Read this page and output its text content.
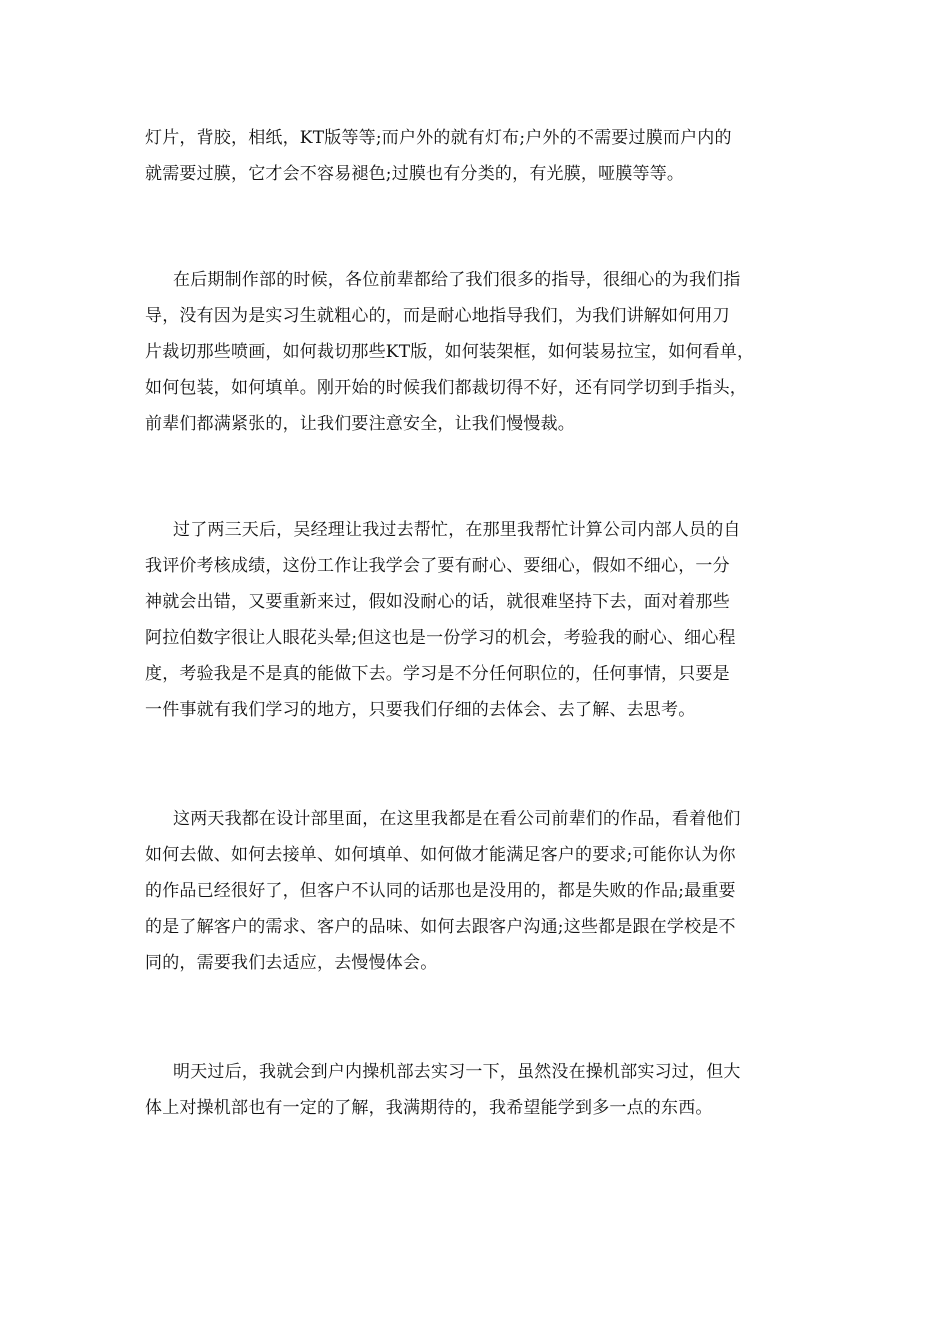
灯片，背胶，相纸，KT版等等;而户外的就有灯布;户外的不需要过膜而户内的
就需要过膜，它才会不容易褪色;过膜也有分类的，有光膜，哑膜等等。
在后期制作部的时候，各位前辈都给了我们很多的指导，很细心的为我们指
导，没有因为是实习生就粗心的，而是耐心地指导我们，为我们讲解如何用刀
片裁切那些喷画，如何裁切那些KT版，如何装架框，如何装易拉宝，如何看单，
如何包装，如何填单。刚开始的时候我们都裁切得不好，还有同学切到手指头，
前辈们都满紧张的，让我们要注意安全，让我们慢慢裁。
过了两三天后，吴经理让我过去帮忙，在那里我帮忙计算公司内部人员的自
我评价考核成绩，这份工作让我学会了要有耐心、要细心，假如不细心，一分
神就会出错，又要重新来过，假如没耐心的话，就很难坚持下去，面对着那些
阿拉伯数字很让人眼花头晕;但这也是一份学习的机会，考验我的耐心、细心程
度，考验我是不是真的能做下去。学习是不分任何职位的，任何事情，只要是
一件事就有我们学习的地方，只要我们仔细的去体会、去了解、去思考。
这两天我都在设计部里面，在这里我都是在看公司前辈们的作品，看着他们
如何去做、如何去接单、如何填单、如何做才能满足客户的要求;可能你认为你
的作品已经很好了，但客户不认同的话那也是没用的，都是失败的作品;最重要
的是了解客户的需求、客户的品味、如何去跟客户沟通;这些都是跟在学校是不
同的，需要我们去适应，去慢慢体会。
明天过后，我就会到户内操机部去实习一下，虽然没在操机部实习过，但大
体上对操机部也有一定的了解，我满期待的，我希望能学到多一点的东西。
